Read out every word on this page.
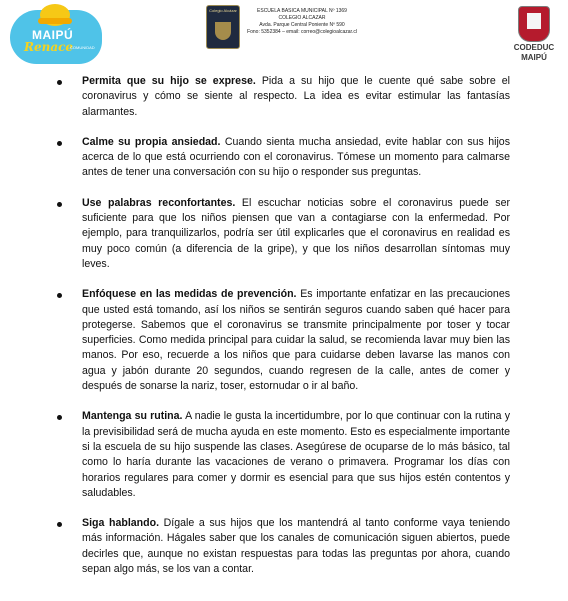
MAIPÚ
Renace
COMUNIDAD
Colegio Alcázar	ESCUELA BASICA MUNICIPAL Nº 1369
COLEGIO ALCAZAR
Avda. Parque Central Poniente Nº 590
Fono: 5352384 – email: correo@colegioalcazar.cl
CODEDUC
MAIPÚ
Permita que su hijo se exprese. Pida a su hijo que le cuente qué sabe sobre el coronavirus y cómo se siente al respecto. La idea es evitar estimular las fantasías alarmantes.
Calme su propia ansiedad. Cuando sienta mucha ansiedad, evite hablar con sus hijos acerca de lo que está ocurriendo con el coronavirus. Tómese un momento para calmarse antes de tener una conversación con su hijo o responder sus preguntas.
Use palabras reconfortantes. El escuchar noticias sobre el coronavirus puede ser suficiente para que los niños piensen que van a contagiarse con la enfermedad. Por ejemplo, para tranquilizarlos, podría ser útil explicarles que el coronavirus en realidad es muy poco común (a diferencia de la gripe), y que los niños desarrollan síntomas muy leves.
Enfóquese en las medidas de prevención. Es importante enfatizar en las precauciones que usted está tomando, así los niños se sentirán seguros cuando saben qué hacer para protegerse. Sabemos que el coronavirus se transmite principalmente por toser y tocar superficies. Como medida principal para cuidar la salud, se recomienda lavar muy bien las manos. Por eso, recuerde a los niños que para cuidarse deben lavarse las manos con agua y jabón durante 20 segundos, cuando regresen de la calle, antes de comer y después de sonarse la nariz, toser, estornudar o ir al baño.
Mantenga su rutina. A nadie le gusta la incertidumbre, por lo que continuar con la rutina y la previsibilidad será de mucha ayuda en este momento. Esto es especialmente importante si la escuela de su hijo suspende las clases. Asegúrese de ocuparse de lo más básico, tal como lo haría durante las vacaciones de verano o primavera. Programar los días con horarios regulares para comer y dormir es esencial para que sus hijos estén contentos y saludables.
Siga hablando. Dígale a sus hijos que los mantendrá al tanto conforme vaya teniendo más información. Hágales saber que los canales de comunicación siguen abiertos, puede decirles que, aunque no existan respuestas para todas las preguntas por ahora, cuando sepan algo más, se los van a contar.
